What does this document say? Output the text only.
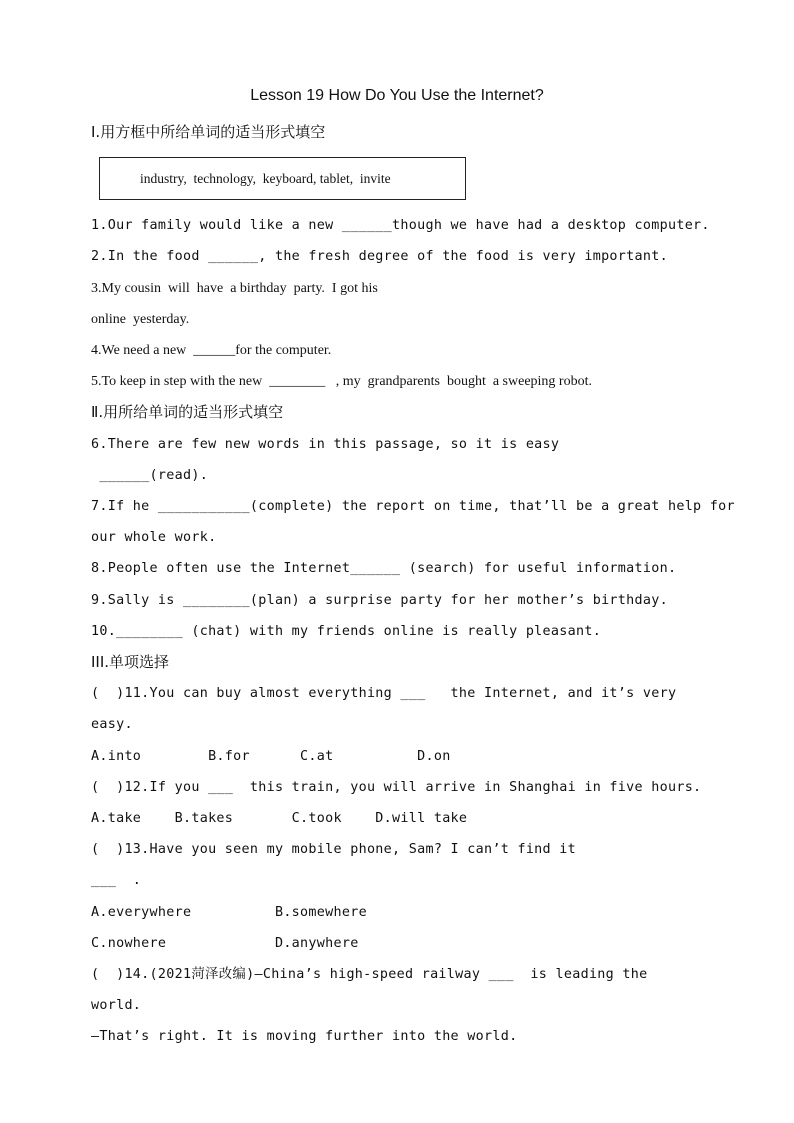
Lesson 19 How Do You Use the Internet?
Ⅰ.用方框中所给单词的适当形式填空
industry,  technology,  keyboard, tablet,  invite
1.Our family would like a new ______though we have had a desktop computer.
2.In the food ______, the fresh degree of the food is very important.
3.My cousin  will  have  a birthday  party.  I got his
online  yesterday.
4.We need a new  ______for the computer.
5.To keep in step with the new  ________   , my  grandparents  bought  a sweeping robot.
Ⅱ.用所给单词的适当形式填空
6.There are few new words in this passage, so it is easy
______(read).
7.If he ___________(complete) the report on time, that’ll be a great help for
our whole work.
8.People often use the Internet______ (search) for useful information.
9.Sally is ________(plan) a surprise party for her mother’s birthday.
10.________ (chat) with my friends online is really pleasant.
III.单项选择
(  )11.You can buy almost everything ___   the Internet, and it’s very
easy.
A.into        B.for      C.at          D.on
(  )12.If you ___  this train, you will arrive in Shanghai in five hours.
A.take    B.takes       C.took    D.will take
(  )13.Have you seen my mobile phone, Sam? I can’t find it
___  .
A.everywhere          B.somewhere
C.nowhere             D.anywhere
(  )14.(2021菏泽改编)—China’s high-speed railway ___  is leading the
world.
—That’s right. It is moving further into the world.
